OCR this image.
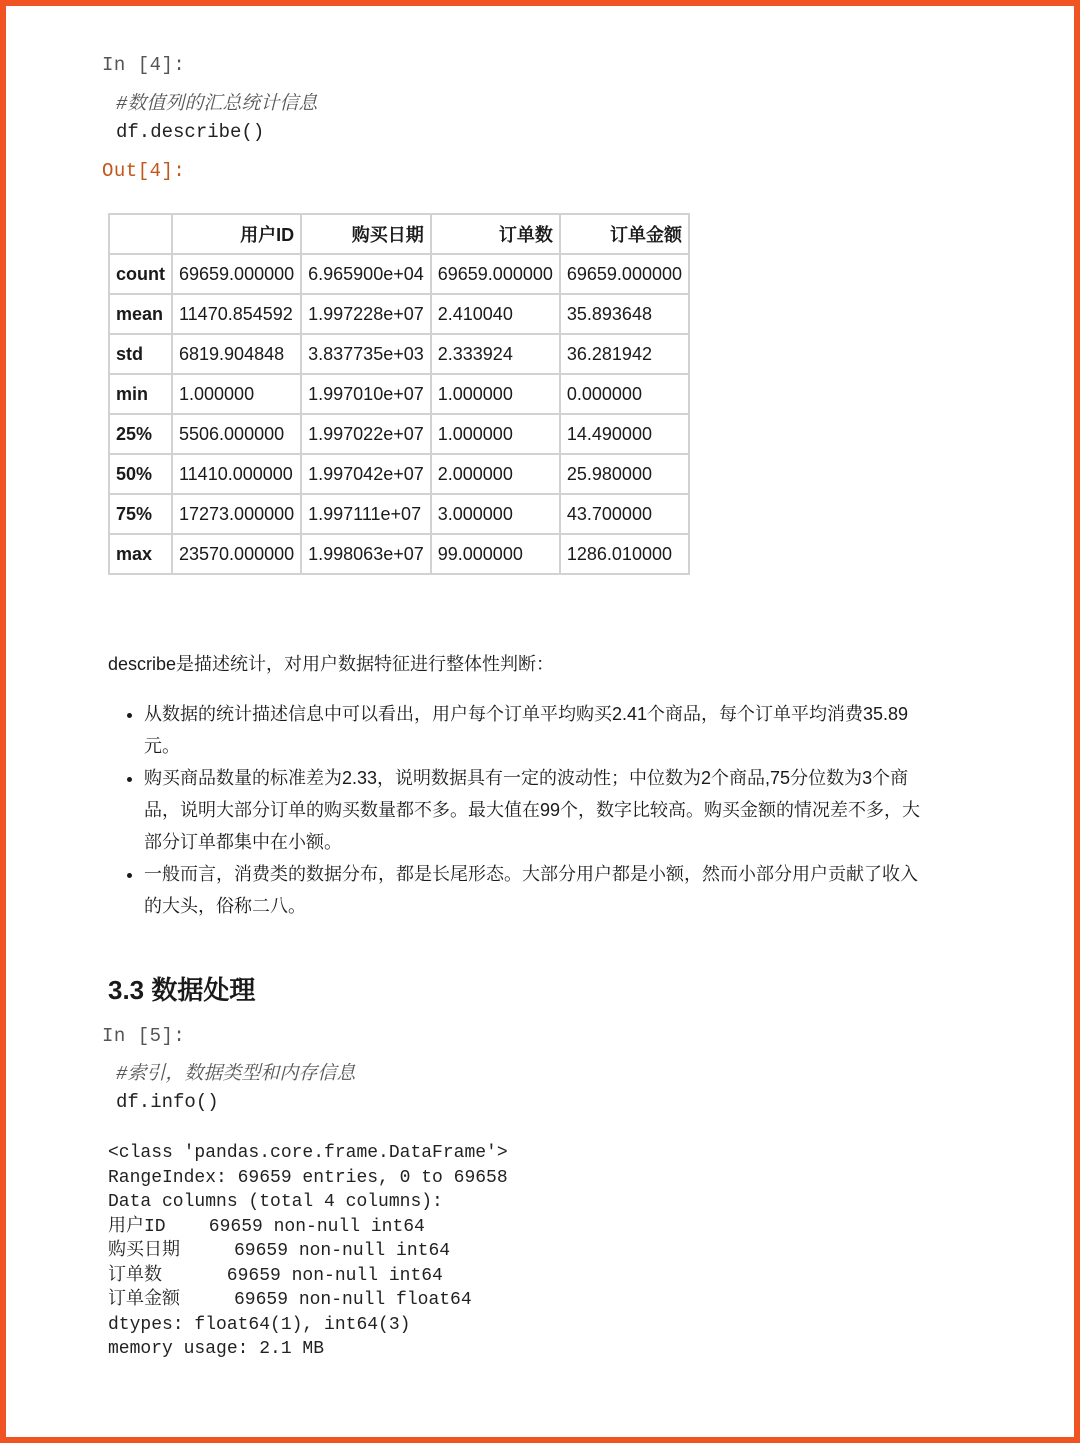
In [4]:
#数值列的汇总统计信息
df.describe()
Out[4]:
	用户ID	购买日期	订单数	订单金额
count	69659.000000	6.965900e+04	69659.000000	69659.000000
mean	11470.854592	1.997228e+07	2.410040	35.893648
std	6819.904848	3.837735e+03	2.333924	36.281942
min	1.000000	1.997010e+07	1.000000	0.000000
25%	5506.000000	1.997022e+07	1.000000	14.490000
50%	11410.000000	1.997042e+07	2.000000	25.980000
75%	17273.000000	1.997111e+07	3.000000	43.700000
max	23570.000000	1.998063e+07	99.000000	1286.010000
describe是描述统计，对用户数据特征进行整体性判断：
• 从数据的统计描述信息中可以看出，用户每个订单平均购买2.41个商品，每个订单平均消费35.89元。
• 购买商品数量的标准差为2.33，说明数据具有一定的波动性；中位数为2个商品,75分位数为3个商品，说明大部分订单的购买数量都不多。最大值在99个，数字比较高。购买金额的情况差不多，大部分订单都集中在小额。
• 一般而言，消费类的数据分布，都是长尾形态。大部分用户都是小额，然而小部分用户贡献了收入的大头，俗称二八。
3.3 数据处理
In [5]:
#索引，数据类型和内存信息
df.info()
<class 'pandas.core.frame.DataFrame'>
RangeIndex: 69659 entries, 0 to 69658
Data columns (total 4 columns):
用户ID    69659 non-null int64
购买日期     69659 non-null int64
订单数      69659 non-null int64
订单金额     69659 non-null float64
dtypes: float64(1), int64(3)
memory usage: 2.1 MB
